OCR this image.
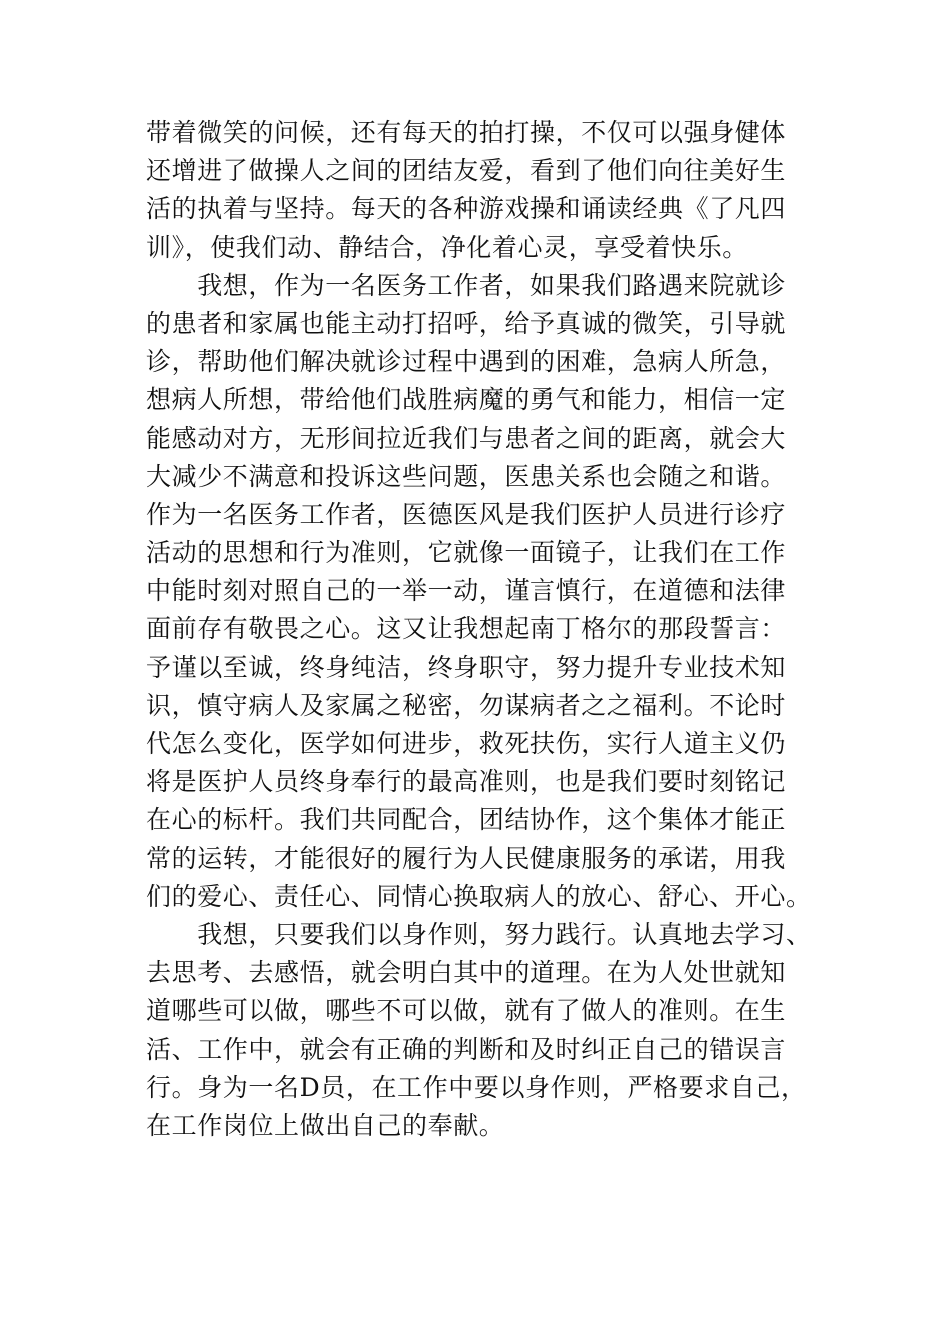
带着微笑的问候，还有每天的拍打操，不仅可以强身健体
还增进了做操人之间的团结友爱，看到了他们向往美好生
活的执着与坚持。每天的各种游戏操和诵读经典《了凡四
训》，使我们动、静结合，净化着心灵，享受着快乐。
　　我想，作为一名医务工作者，如果我们路遇来院就诊
的患者和家属也能主动打招呼，给予真诚的微笑，引导就
诊，帮助他们解决就诊过程中遇到的困难，急病人所急，
想病人所想，带给他们战胜病魔的勇气和能力，相信一定
能感动对方，无形间拉近我们与患者之间的距离，就会大
大减少不满意和投诉这些问题，医患关系也会随之和谐。
作为一名医务工作者，医德医风是我们医护人员进行诊疗
活动的思想和行为准则，它就像一面镜子，让我们在工作
中能时刻对照自己的一举一动，谨言慎行，在道德和法律
面前存有敬畏之心。这又让我想起南丁格尔的那段誓言：
予谨以至诚，终身纯洁，终身职守，努力提升专业技术知
识，慎守病人及家属之秘密，勿谋病者之之福利。不论时
代怎么变化，医学如何进步，救死扶伤，实行人道主义仍
将是医护人员终身奉行的最高准则，也是我们要时刻铭记
在心的标杆。我们共同配合，团结协作，这个集体才能正
常的运转，才能很好的履行为人民健康服务的承诺，用我
们的爱心、责任心、同情心换取病人的放心、舒心、开心。
　　我想，只要我们以身作则，努力践行。认真地去学习、
去思考、去感悟，就会明白其中的道理。在为人处世就知
道哪些可以做，哪些不可以做，就有了做人的准则。在生
活、工作中，就会有正确的判断和及时纠正自己的错误言
行。身为一名D员，在工作中要以身作则，严格要求自己，
在工作岗位上做出自己的奉献。
